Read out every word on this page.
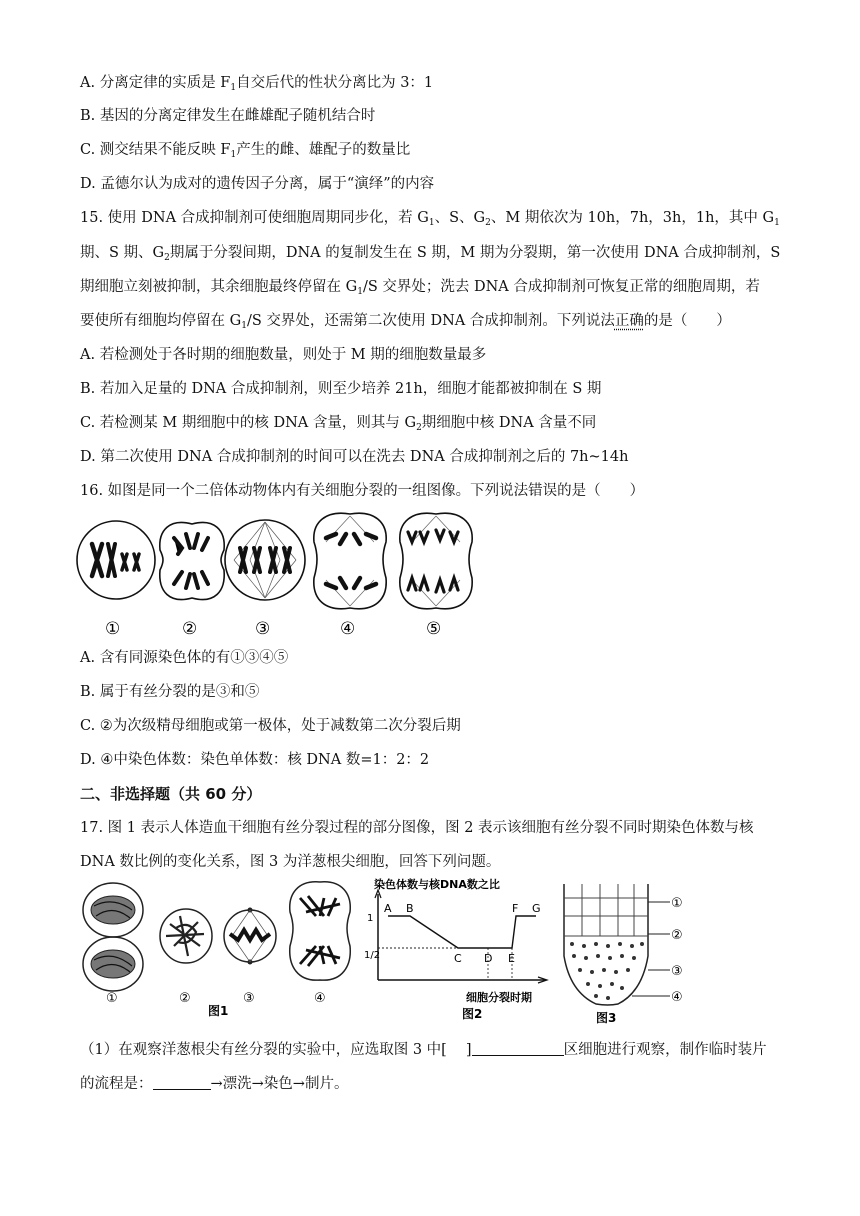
A. 分离定律的实质是 $F_1$自交后代的性状分离比为 3：1
B. 基因的分离定律发生在雌雄配子随机结合时
C. 测交结果不能反映 $F_1$产生的雌、雄配子的数量比
D. 孟德尔认为成对的遗传因子分离，属于“演绎”的内容
15. 使用 DNA 合成抑制剂可使细胞周期同步化，若 $G_1$、S、$G_2$、M 期依次为 10h，7h，3h，1h，其中 $G_1$
期、S 期、$G_2$期属于分裂间期，DNA 的复制发生在 S 期，M 期为分裂期，第一次使用 DNA 合成抑制剂，S
期细胞立刻被抑制，其余细胞最终停留在 $G_1/S$ 交界处；洗去 DNA 合成抑制剂可恢复正常的细胞周期，若
要使所有细胞均停留在 $G_1/S$ 交界处，还需第二次使用 DNA 合成抑制剂。下列说法正确的是（　　）
A. 若检测处于各时期的细胞数量，则处于 M 期的细胞数量最多
B. 若加入足量的 DNA 合成抑制剂，则至少培养 21h，细胞才能都被抑制在 S 期
C. 若检测某 M 期细胞中的核 DNA 含量，则其与 $G_2$期细胞中核 DNA 含量不同
D. 第二次使用 DNA 合成抑制剂的时间可以在洗去 DNA 合成抑制剂之后的 7h~14h
16. 如图是同一个二倍体动物体内有关细胞分裂的一组图像。下列说法错误的是（　　）
①	②	③	④	⑤
A. 含有同源染色体的有①③④⑤
B. 属于有丝分裂的是③和⑤
C. ②为次级精母细胞或第一极体，处于减数第二次分裂后期
D. ④中染色体数：染色单体数：核 DNA 数=1：2：2
二、非选择题（共 60 分）
17. 图 1 表示人体造血干细胞有丝分裂过程的部分图像，图 2 表示该细胞有丝分裂不同时期染色体数与核
DNA 数比例的变化关系，图 3 为洋葱根尖细胞，回答下列问题。
①	②	③	④
图1
染色体数与核DNA数之比
1
1/2
A B
C D E
F G
细胞分裂时期
图2
①
②
③
④
图3
（1）在观察洋葱根尖有丝分裂的实验中，应选取图 3 中[　 ]	区细胞进行观察，制作临时装片
的流程是：	→漂洗→染色→制片。
